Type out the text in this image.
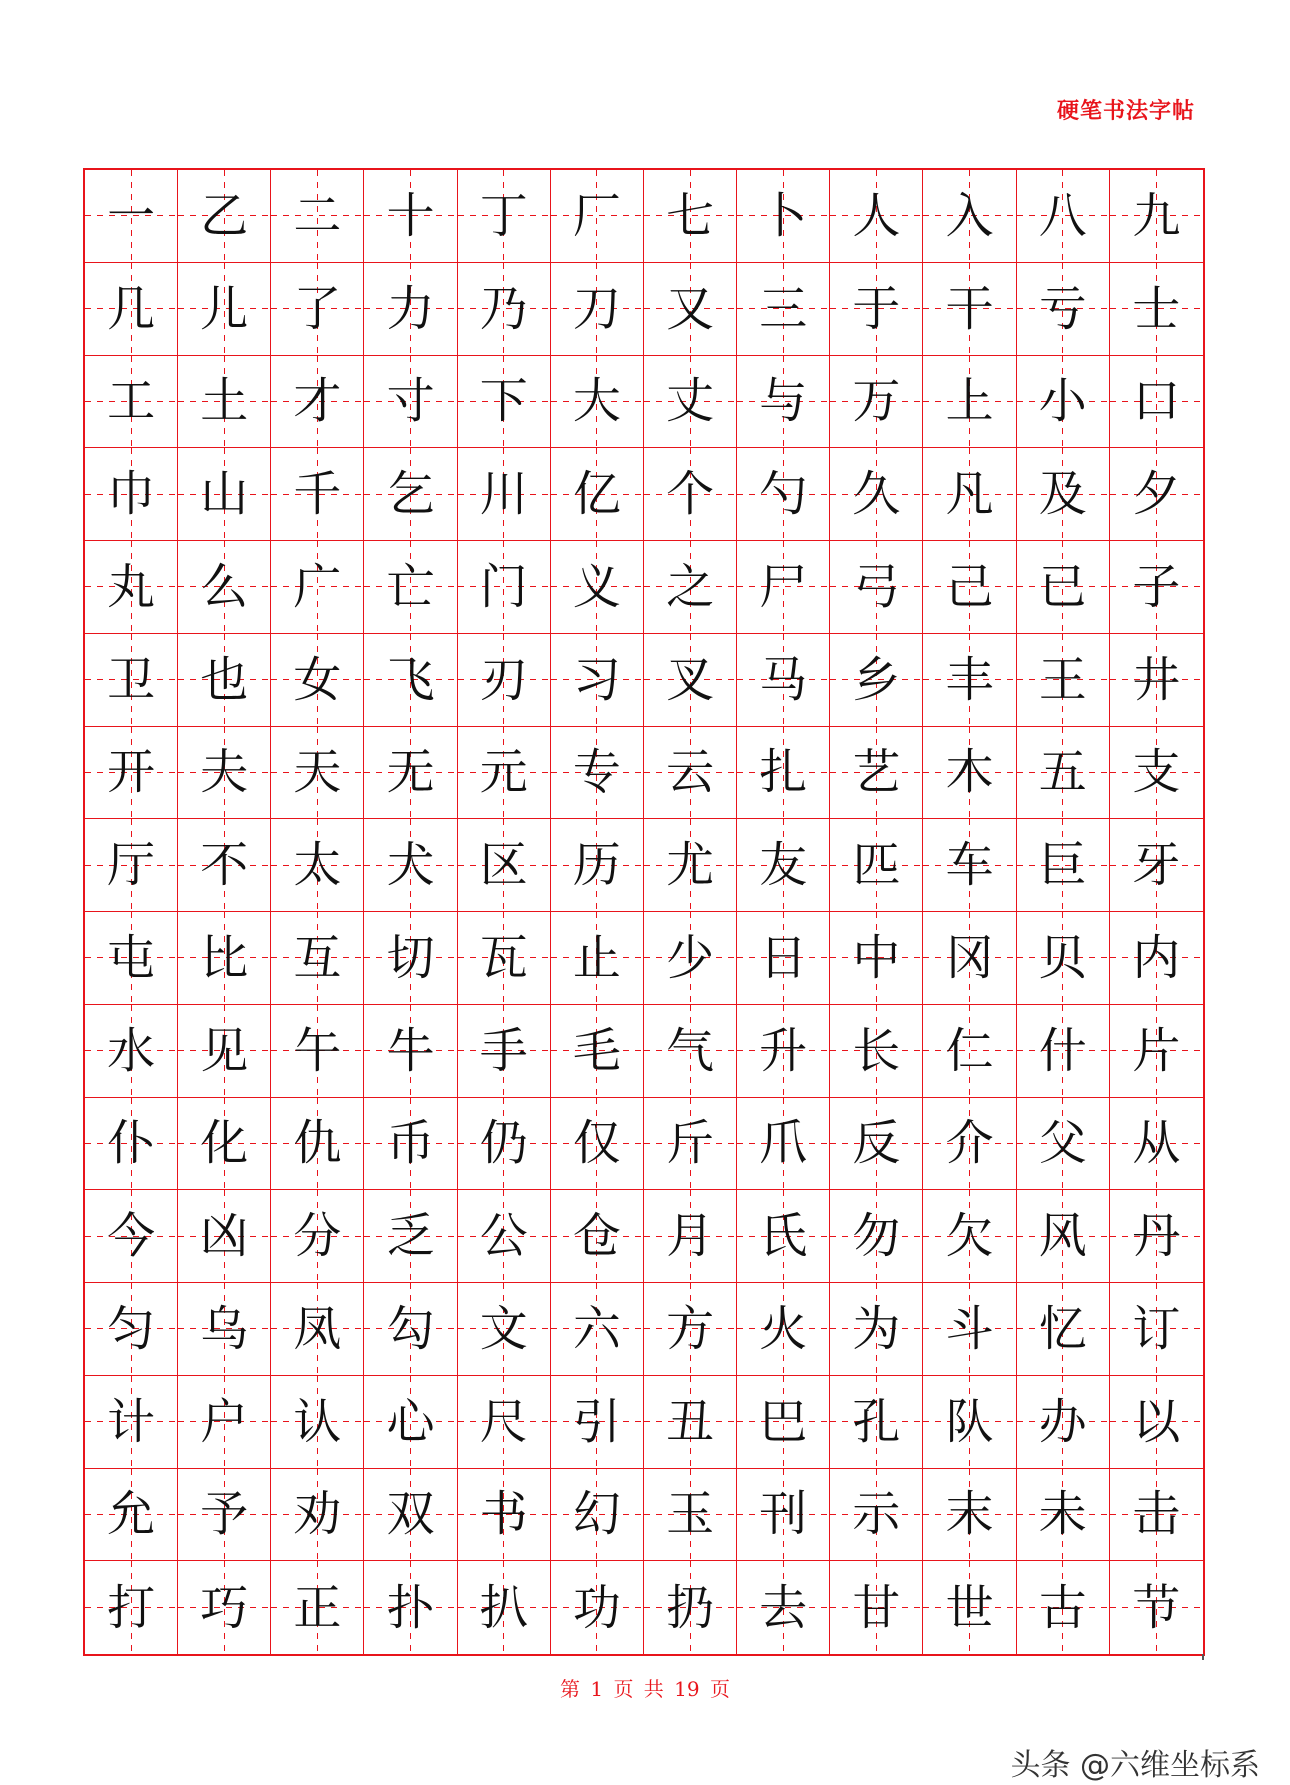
硬笔书法字帖
一 乙 二 十 丁 厂 七 卜 人 入 八 九
几 儿 了 力 乃 刀 又 三 于 干 亏 士
工 土 才 寸 下 大 丈 与 万 上 小 口
巾 山 千 乞 川 亿 个 勺 久 凡 及 夕
丸 么 广 亡 门 义 之 尸 弓 己 已 子
卫 也 女 飞 刃 习 叉 马 乡 丰 王 井
开 夫 天 无 元 专 云 扎 艺 木 五 支
厅 不 太 犬 区 历 尤 友 匹 车 巨 牙
屯 比 互 切 瓦 止 少 日 中 冈 贝 内
水 见 午 牛 手 毛 气 升 长 仁 什 片
仆 化 仇 币 仍 仅 斤 爪 反 介 父 从
今 凶 分 乏 公 仓 月 氏 勿 欠 风 丹
匀 乌 凤 勾 文 六 方 火 为 斗 忆 订
计 户 认 心 尺 引 丑 巴 孔 队 办 以
允 予 劝 双 书 幻 玉 刊 示 末 未 击
打 巧 正 扑 扒 功 扔 去 甘 世 古 节
第 1 页 共 19 页
头条 @六维坐标系
